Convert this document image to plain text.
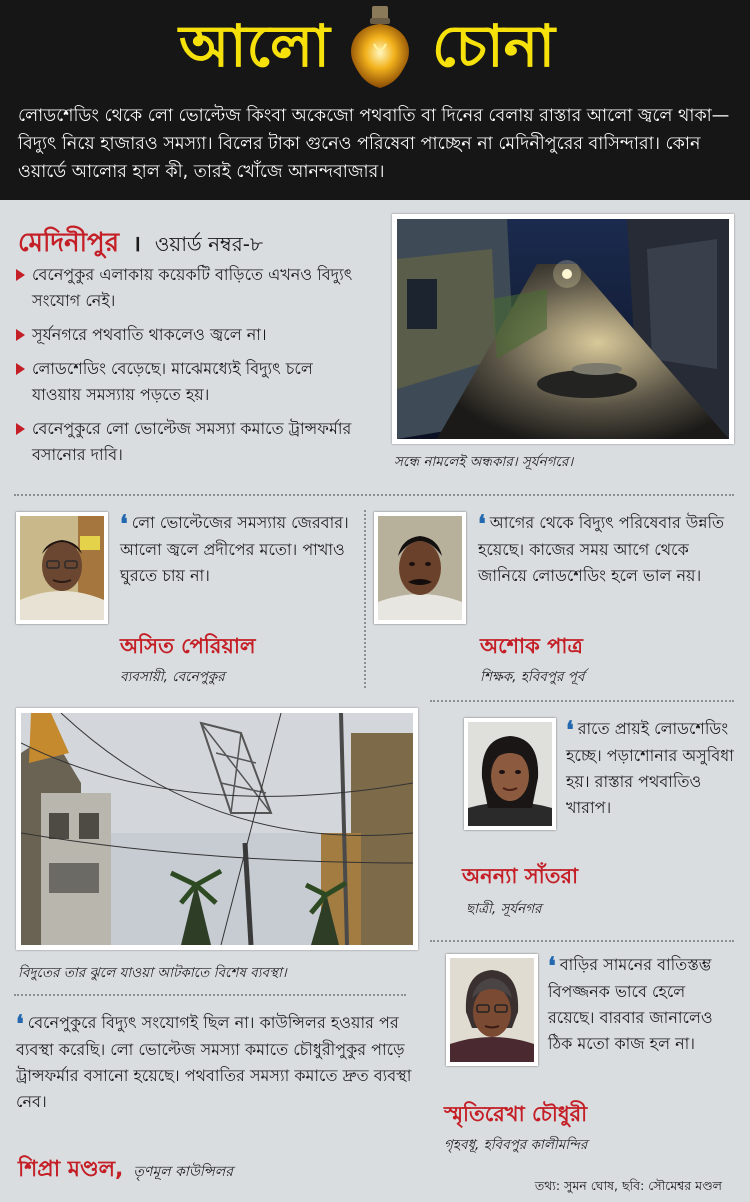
আলো চোনা

লোডশেডিং থেকে লো ভোল্টেজ কিংবা অকেজো পথবাতি বা দিনের বেলায় রাস্তার আলো জ্বলে থাকা— বিদ্যুৎ নিয়ে হাজারও সমস্যা। বিলের টাকা গুনেও পরিষেবা পাচ্ছেন না মেদিনীপুরের বাসিন্দারা। কোন ওয়ার্ডে আলোর হাল কী, তারই খোঁজে আনন্দবাজার।

মেদিনীপুর । ওয়ার্ড নম্বর-৮
বেনেপুকুর এলাকায় কয়েকটি বাড়িতে এখনও বিদ্যুৎ সংযোগ নেই।
সূর্যনগরে পথবাতি থাকলেও জ্বলে না।
লোডশেডিং বেড়েছে। মাঝেমধ্যেই বিদ্যুৎ চলে যাওয়ায় সমস্যায় পড়তে হয়।
বেনেপুকুরে লো ভোল্টেজ সমস্যা কমাতে ট্রান্সফর্মার বসানোর দাবি।	সন্ধে নামলেই অন্ধকার। সূর্যনগরে।
❛ লো ভোল্টেজের সমস্যায় জেরবার। আলো জ্বলে প্রদীপের মতো। পাখাও ঘুরতে চায় না।
অসিত পেরিয়াল
ব্যবসায়ী, বেনেপুকুর
❛ আগের থেকে বিদ্যুৎ পরিষেবার উন্নতি হয়েছে। কাজের সময় আগে থেকে জানিয়ে লোডশেডিং হলে ভাল নয়।
অশোক পাত্র
শিক্ষক, হবিবপুর পূর্ব
বিদুতের তার ঝুলে যাওয়া আটকাতে বিশেষ ব্যবস্থা।
❛ রাতে প্রায়ই লোডশেডিং হচ্ছে। পড়াশোনার অসুবিধা হয়। রাস্তার পথবাতিও খারাপ।
অনন্যা সাঁতরা
ছাত্রী, সূর্যনগর
❛ বাড়ির সামনের বাতিস্তম্ভ বিপজ্জনক ভাবে হেলে রয়েছে। বারবার জানালেও ঠিক মতো কাজ হল না।
স্মৃতিরেখা চৌধুরী
গৃহবধূ, হবিবপুর কালীমন্দির
❛ বেনেপুকুরে বিদ্যুৎ সংযোগই ছিল না। কাউন্সিলর হওয়ার পর ব্যবস্থা করেছি। লো ভোল্টেজ সমস্যা কমাতে চৌধুরীপুকুর পাড়ে ট্রান্সফর্মার বসানো হয়েছে। পথবাতির সমস্যা কমাতে দ্রুত ব্যবস্থা নেব।
শিপ্রা মণ্ডল, তৃণমূল কাউন্সিলর
তথ্য: সুমন ঘোষ, ছবি: সৌমেশ্বর মণ্ডল
